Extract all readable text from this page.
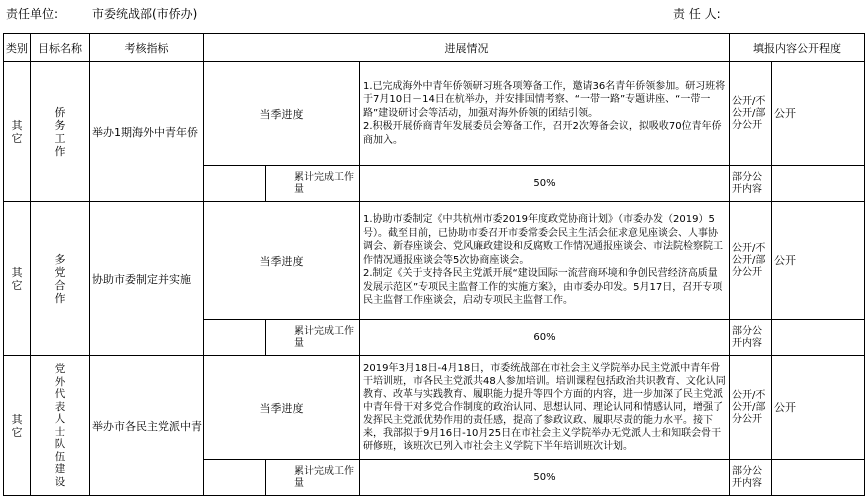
责任单位:	市委统战部(市侨办)	责 任 人:
类别	目标名称	考核指标	进展情况			填报内容公开程度	

其它	侨务工作	举办1期海外中青年侨	当季进度		1.已完成海外中青年侨领研习班各项筹备工作，邀请36名青年侨领参加。研习班将于7月10日－14日在杭举办，并安排国情考察、“一带一路”专题讲座、“一带一路”建设研讨会等活动，加强对海外侨领的团结引领。
2.积极开展侨商青年发展委员会筹备工作，召开2次筹备会议，拟吸收70位青年侨商加入。	公开/不公开/部分公开	公开

				累计完成工作量	50%	部分公开内容	

其它	多党合作	协助市委制定并实施	当季进度		1.协助市委制定《中共杭州市委2019年度政党协商计划》（市委办发（2019）5号）。截至目前，已协助市委召开市委常委会民主生活会征求意见座谈会、人事协调会、新春座谈会、党风廉政建设和反腐败工作情况通报座谈会、市法院检察院工作情况通报座谈会等5次协商座谈会。
2.制定《关于支持各民主党派开展“建设国际一流营商环境和争创民营经济高质量发展示范区”专项民主监督工作的实施方案》，由市委办印发。5月17日，召开专项民主监督工作座谈会，启动专项民主监督工作。	公开/不公开/部分公开	公开

				累计完成工作量	60%	部分公开内容	

其它	党外代表人士队伍建设	举办市各民主党派中青	当季进度		2019年3月18日-4月18日，市委统战部在市社会主义学院举办民主党派中青年骨干培训班，市各民主党派共48人参加培训。培训课程包括政治共识教育、文化认同教育、改革与实践教育、履职能力提升等四个方面的内容，进一步加深了民主党派中青年骨干对多党合作制度的政治认同、思想认同、理论认同和情感认同，增强了发挥民主党派优势作用的责任感，提高了参政议政、履职尽责的能力水平。接下来，我部拟于9月16日-10月25日在市社会主义学院举办无党派人士和知联会骨干研修班，该班次已列入市社会主义学院下半年培训班次计划。	公开/不公开/部分公开	公开

				累计完成工作量	50%	部分公开内容	
